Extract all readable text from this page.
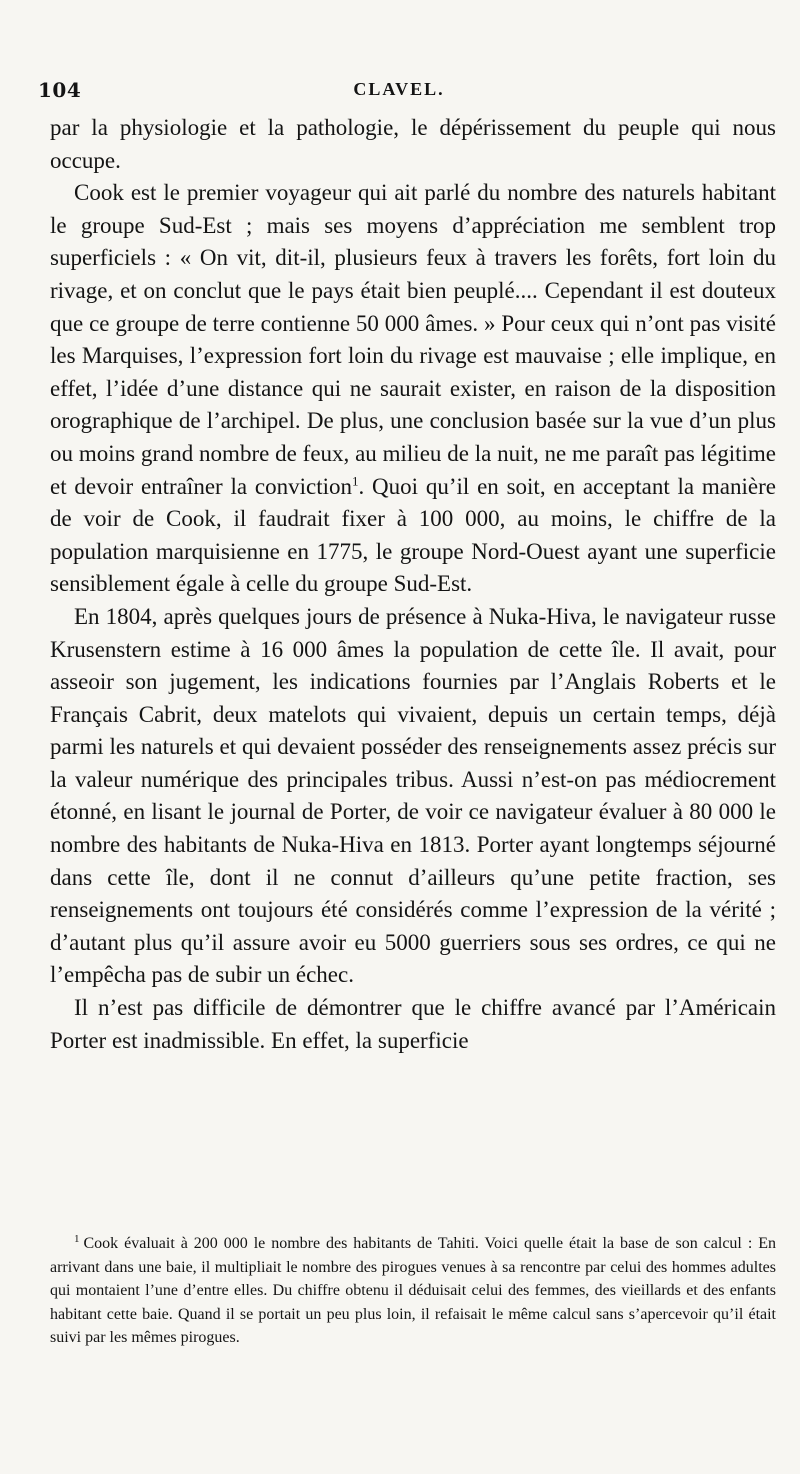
104	CLAVEL.

par la physiologie et la pathologie, le dépérissement du peuple qui nous occupe.

Cook est le premier voyageur qui ait parlé du nombre des naturels habitant le groupe Sud-Est ; mais ses moyens d’appréciation me semblent trop superficiels : « On vit, dit-il, plusieurs feux à travers les forêts, fort loin du rivage, et on conclut que le pays était bien peuplé.... Cependant il est douteux que ce groupe de terre contienne 50 000 âmes. » Pour ceux qui n’ont pas visité les Marquises, l’expression fort loin du rivage est mauvaise ; elle implique, en effet, l’idée d’une distance qui ne saurait exister, en raison de la disposition orographique de l’archipel. De plus, une conclusion basée sur la vue d’un plus ou moins grand nombre de feux, au milieu de la nuit, ne me paraît pas légitime et devoir entraîner la conviction$^1$. Quoi qu’il en soit, en acceptant la manière de voir de Cook, il faudrait fixer à 100 000, au moins, le chiffre de la population marquisienne en 1775, le groupe Nord-Ouest ayant une superficie sensiblement égale à celle du groupe Sud-Est.

En 1804, après quelques jours de présence à Nuka-Hiva, le navigateur russe Krusenstern estime à 16 000 âmes la population de cette île. Il avait, pour asseoir son jugement, les indications fournies par l’Anglais Roberts et le Français Cabrit, deux matelots qui vivaient, depuis un certain temps, déjà parmi les naturels et qui devaient posséder des renseignements assez précis sur la valeur numérique des principales tribus. Aussi n’est-on pas médiocrement étonné, en lisant le journal de Porter, de voir ce navigateur évaluer à 80 000 le nombre des habitants de Nuka-Hiva en 1813. Porter ayant longtemps séjourné dans cette île, dont il ne connut d’ailleurs qu’une petite fraction, ses renseignements ont toujours été considérés comme l’expression de la vérité ; d’autant plus qu’il assure avoir eu 5000 guerriers sous ses ordres, ce qui ne l’empêcha pas de subir un échec.

Il n’est pas difficile de démontrer que le chiffre avancé par l’Américain Porter est inadmissible. En effet, la superficie

$^1$ Cook évaluait à 200 000 le nombre des habitants de Tahiti. Voici quelle était la base de son calcul : En arrivant dans une baie, il multipliait le nombre des pirogues venues à sa rencontre par celui des hommes adultes qui montaient l’une d’entre elles. Du chiffre obtenu il déduisait celui des femmes, des vieillards et des enfants habitant cette baie. Quand il se portait un peu plus loin, il refaisait le même calcul sans s’apercevoir qu’il était suivi par les mêmes pirogues.
